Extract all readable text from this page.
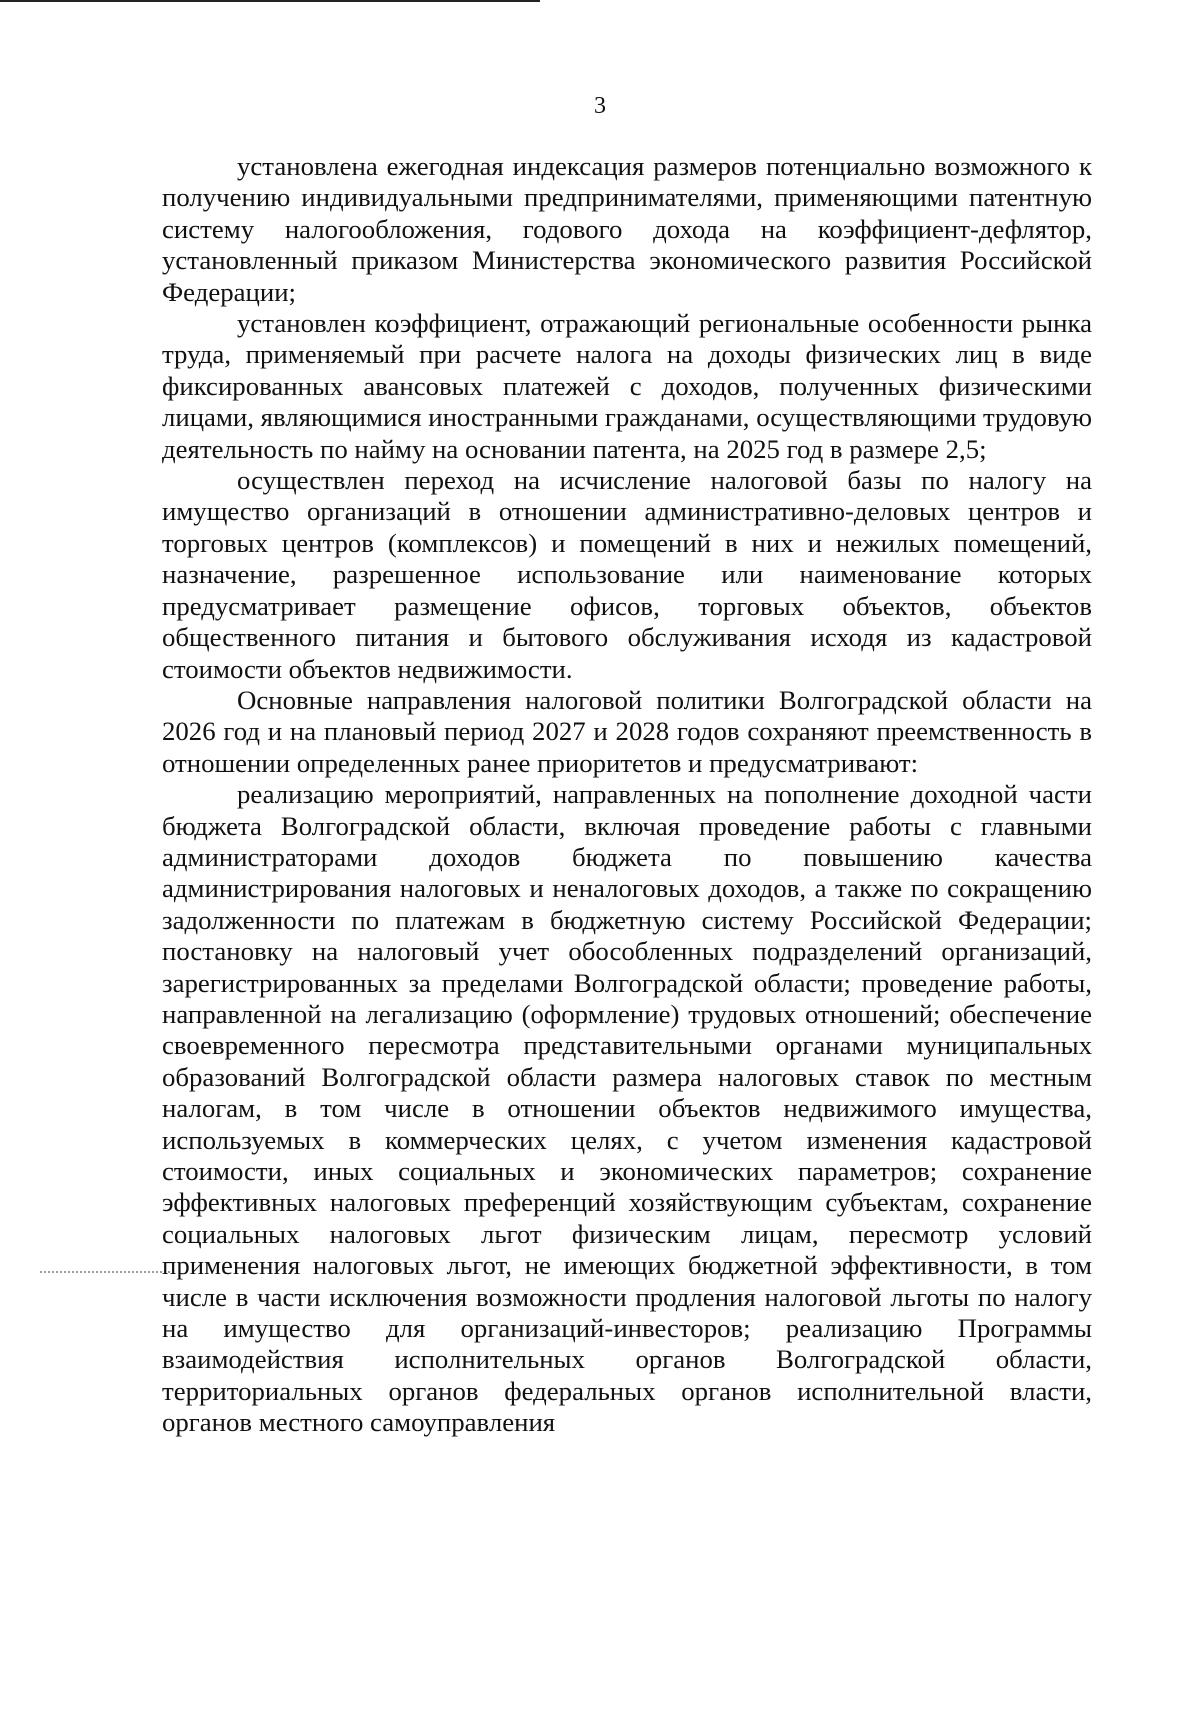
3

установлена ежегодная индексация размеров потенциально возможного к получению индивидуальными предпринимателями, применяющими патентную систему налогообложения, годового дохода на коэффициент-дефлятор, установленный приказом Министерства экономического развития Российской Федерации;

установлен коэффициент, отражающий региональные особенности рынка труда, применяемый при расчете налога на доходы физических лиц в виде фиксированных авансовых платежей с доходов, полученных физическими лицами, являющимися иностранными гражданами, осуществляющими трудовую деятельность по найму на основании патента, на 2025 год в размере 2,5;

осуществлен переход на исчисление налоговой базы по налогу на имущество организаций в отношении административно-деловых центров и торговых центров (комплексов) и помещений в них и нежилых помещений, назначение, разрешенное использование или наименование которых предусматривает размещение офисов, торговых объектов, объектов общественного питания и бытового обслуживания исходя из кадастровой стоимости объектов недвижимости.

Основные направления налоговой политики Волгоградской области на 2026 год и на плановый период 2027 и 2028 годов сохраняют преемственность в отношении определенных ранее приоритетов и предусматривают:

реализацию мероприятий, направленных на пополнение доходной части бюджета Волгоградской области, включая проведение работы с главными администраторами доходов бюджета по повышению качества администрирования налоговых и неналоговых доходов, а также по сокращению задолженности по платежам в бюджетную систему Российской Федерации; постановку на налоговый учет обособленных подразделений организаций, зарегистрированных за пределами Волгоградской области; проведение работы, направленной на легализацию (оформление) трудовых отношений; обеспечение своевременного пересмотра представительными органами муниципальных образований Волгоградской области размера налоговых ставок по местным налогам, в том числе в отношении объектов недвижимого имущества, используемых в коммерческих целях, с учетом изменения кадастровой стоимости, иных социальных и экономических параметров; сохранение эффективных налоговых преференций хозяйствующим субъектам, сохранение социальных налоговых льгот физическим лицам, пересмотр условий применения налоговых льгот, не имеющих бюджетной эффективности, в том числе в части исключения возможности продления налоговой льготы по налогу на имущество для организаций-инвесторов; реализацию Программы взаимодействия исполнительных органов Волгоградской области, территориальных органов федеральных органов исполнительной власти, органов местного самоуправления
